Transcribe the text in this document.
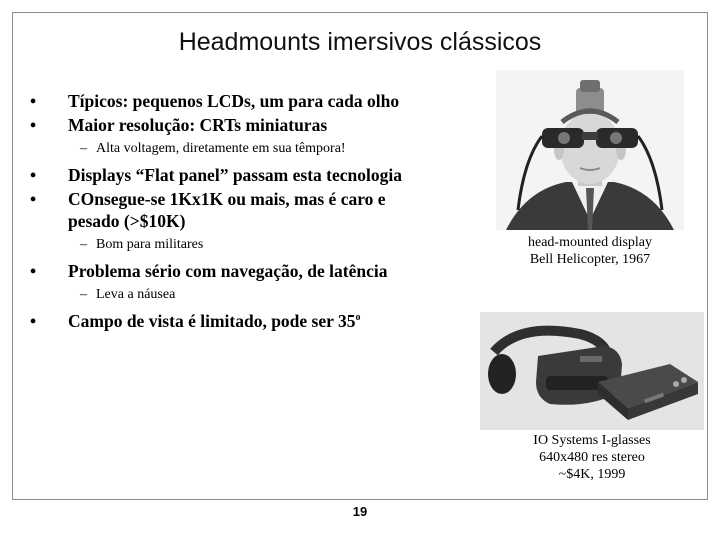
Headmounts imersivos clássicos
• Típicos: pequenos LCDs, um para cada olho
• Maior resolução: CRTs miniaturas
– Alta voltagem, diretamente em sua têmpora!
• Displays “Flat panel” passam esta tecnologia
• COnsegue-se 1Kx1K ou mais, mas é caro e
pesado (>$10K)
– Bom para militares
• Problema sério com navegação, de latência
– Leva a náusea
• Campo de vista é limitado, pode ser 35$^o$
head-mounted display
Bell Helicopter, 1967
IO Systems I-glasses
640x480 res stereo
~$4K, 1999
19
